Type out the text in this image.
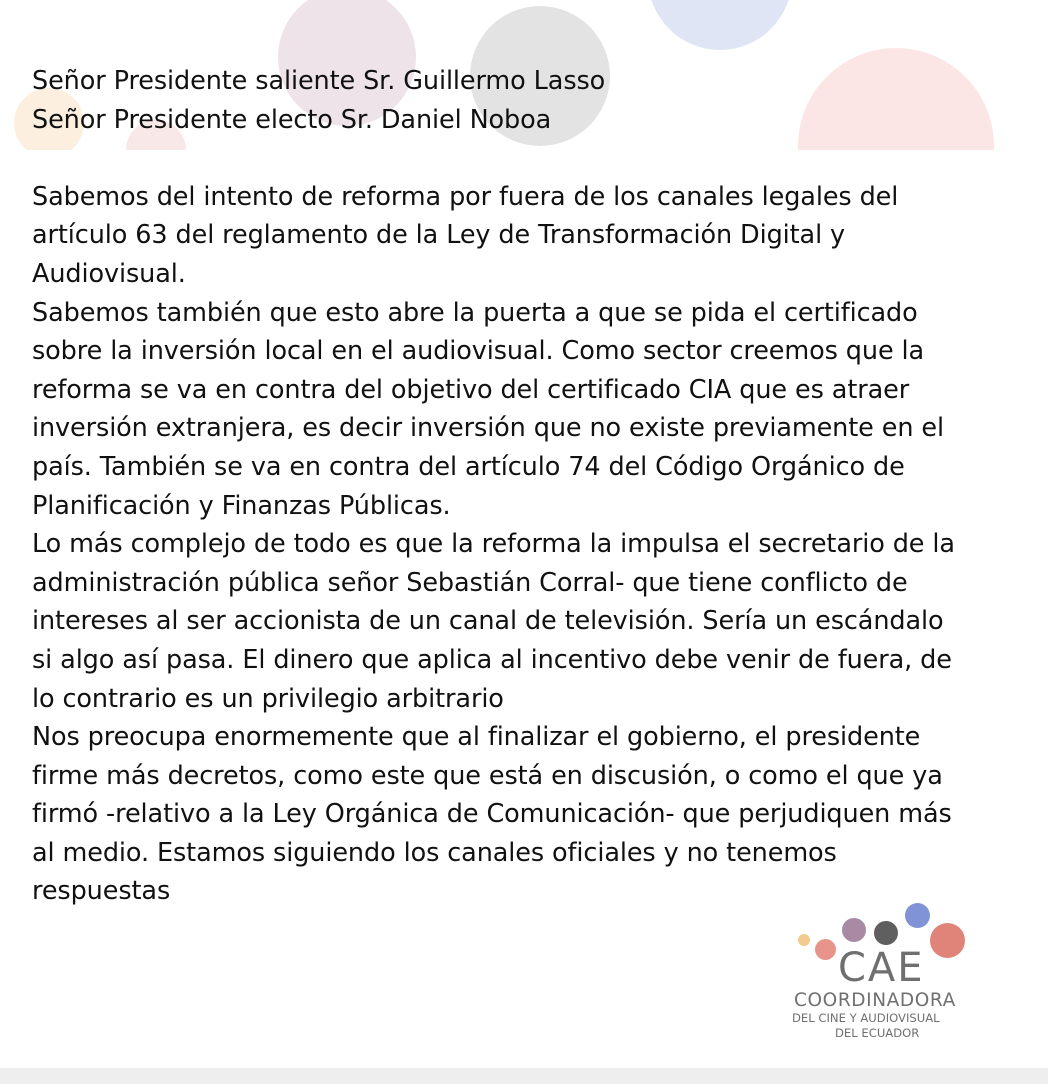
Señor Presidente saliente Sr. Guillermo Lasso

Señor Presidente electo Sr. Daniel Noboa

Sabemos del intento de reforma por fuera de los canales legales del

artículo 63 del reglamento de la Ley de Transformación Digital y

Audiovisual.

Sabemos también que esto abre la puerta a que se pida el certificado

sobre la inversión local en el audiovisual. Como sector creemos que la

reforma se va en contra del objetivo del certificado CIA que es atraer

inversión extranjera, es decir inversión que no existe previamente en el

país. También se va en contra del artículo 74 del Código Orgánico de

Planificación y Finanzas Públicas.

Lo más complejo de todo es que la reforma la impulsa el secretario de la

administración pública señor Sebastián Corral- que tiene conflicto de

intereses al ser accionista de un canal de televisión. Sería un escándalo

si algo así pasa. El dinero que aplica al incentivo debe venir de fuera, de

lo contrario es un privilegio arbitrario

Nos preocupa enormemente que al finalizar el gobierno, el presidente

firme más decretos, como este que está en discusión, o como el que ya

firmó -relativo a la Ley Orgánica de Comunicación- que perjudiquen más

al medio. Estamos siguiendo los canales oficiales y no tenemos

respuestas

CAE
COORDINADORA
DEL CINE Y AUDIOVISUAL
DEL ECUADOR
